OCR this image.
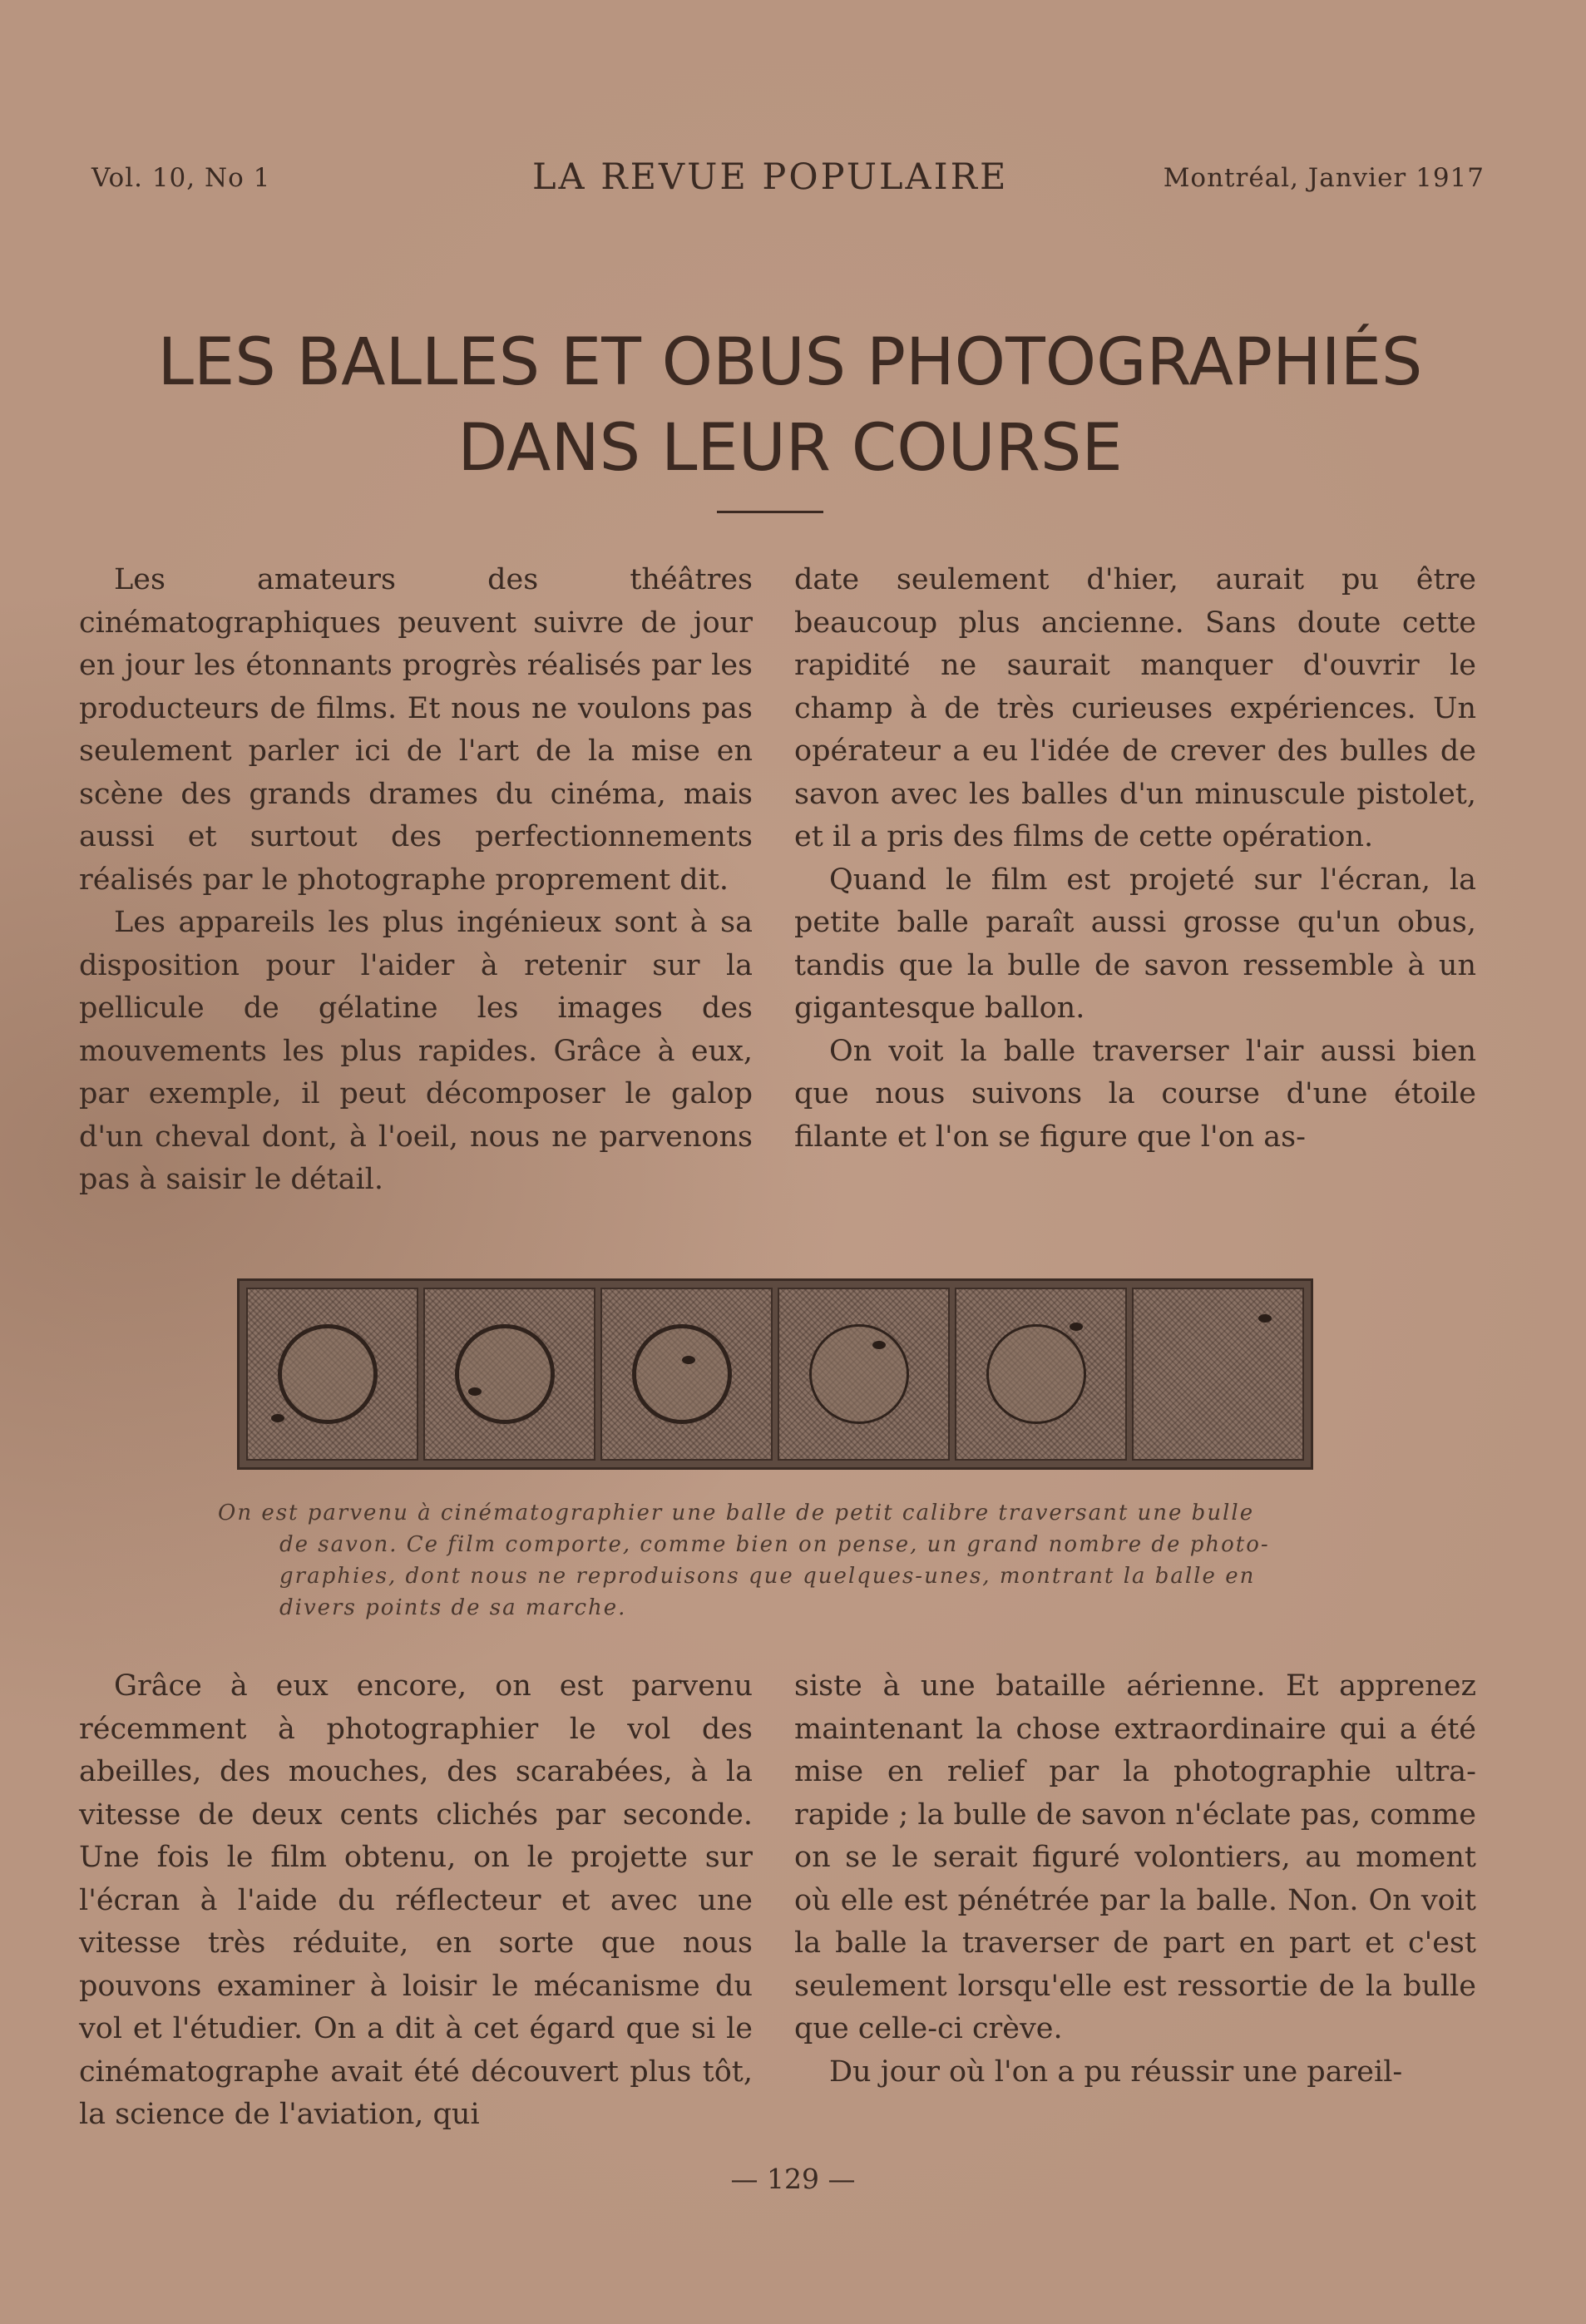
Vol. 10, No 1	LA REVUE POPULAIRE	Montréal, Janvier 1917
LES BALLES ET OBUS PHOTOGRAPHIÉS
DANS LEUR COURSE

Les amateurs des théâtres cinématographiques peuvent suivre de jour en jour les étonnants progrès réalisés par les producteurs de films. Et nous ne voulons pas seulement parler ici de l'art de la mise en scène des grands drames du cinéma, mais aussi et surtout des perfectionnements réalisés par le photographe proprement dit.

Les appareils les plus ingénieux sont à sa disposition pour l'aider à retenir sur la pellicule de gélatine les images des mouvements les plus rapides. Grâce à eux, par exemple, il peut décomposer le galop d'un cheval dont, à l'oeil, nous ne parvenons pas à saisir le détail.

date seulement d'hier, aurait pu être beaucoup plus ancienne. Sans doute cette rapidité ne saurait manquer d'ouvrir le champ à de très curieuses expériences. Un opérateur a eu l'idée de crever des bulles de savon avec les balles d'un minuscule pistolet, et il a pris des films de cette opération.

Quand le film est projeté sur l'écran, la petite balle paraît aussi grosse qu'un obus, tandis que la bulle de savon ressemble à un gigantesque ballon.

On voit la balle traverser l'air aussi bien que nous suivons la course d'une étoile filante et l'on se figure que l'on as-

On est parvenu à cinématographier une balle de petit calibre traversant une bulle
de savon. Ce film comporte, comme bien on pense, un grand nombre de photo-
graphies, dont nous ne reproduisons que quelques-unes, montrant la balle en
divers points de sa marche.

Grâce à eux encore, on est parvenu récemment à photographier le vol des abeilles, des mouches, des scarabées, à la vitesse de deux cents clichés par seconde. Une fois le film obtenu, on le projette sur l'écran à l'aide du réflecteur et avec une vitesse très réduite, en sorte que nous pouvons examiner à loisir le mécanisme du vol et l'étudier. On a dit à cet égard que si le cinématographe avait été découvert plus tôt, la science de l'aviation, qui

siste à une bataille aérienne. Et apprenez maintenant la chose extraordinaire qui a été mise en relief par la photographie ultra-rapide ; la bulle de savon n'éclate pas, comme on se le serait figuré volontiers, au moment où elle est pénétrée par la balle. Non. On voit la balle la traverser de part en part et c'est seulement lorsqu'elle est ressortie de la bulle que celle-ci crève.

Du jour où l'on a pu réussir une pareil-

— 129 —
